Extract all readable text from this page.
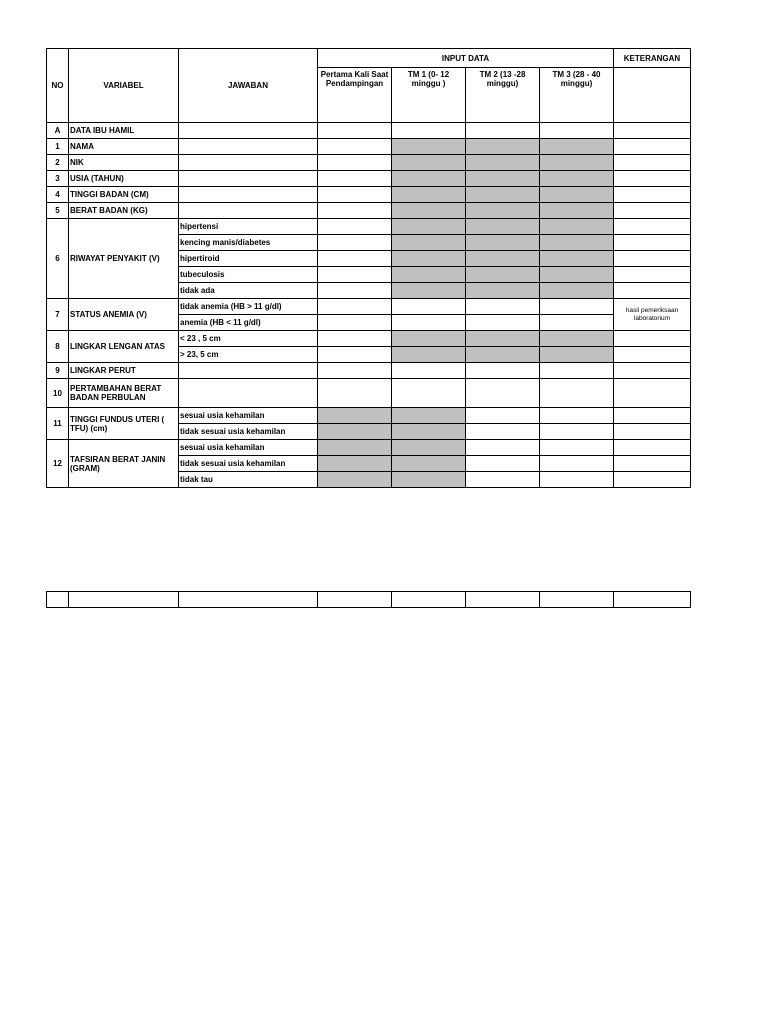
NO	VARIABEL	JAWABAN	INPUT DATA				KETERANGAN
			Pertama Kali Saat Pendampingan	TM 1 (0- 12 minggu )	TM 2 (13 -28 minggu)	TM 3 (28 - 40 minggu)	
A	DATA IBU HAMIL						
1	NAMA						
2	NIK						
3	USIA (TAHUN)						
4	TINGGI BADAN (CM)						
5	BERAT BADAN (KG)						
6	RIWAYAT PENYAKIT (V)	hipertensi					
		kencing manis/diabetes					
		hipertiroid					
		tubeculosis					
		tidak ada					
7	STATUS ANEMIA (V)	tidak anemia (HB > 11 g/dl)					hasil pemeriksaan laboratorium
		anemia (HB < 11 g/dl)					
8	LINGKAR LENGAN ATAS	< 23 , 5 cm					
		> 23, 5 cm					
9	LINGKAR PERUT						
10	PERTAMBAHAN BERAT BADAN PERBULAN						
11	TINGGI FUNDUS UTERI ( TFU) (cm)	sesuai usia kehamilan					
		tidak sesuai usia kehamilan					
12	TAFSIRAN BERAT JANIN (GRAM)	sesuai usia kehamilan					
		tidak sesuai usia kehamilan					
		tidak tau					
